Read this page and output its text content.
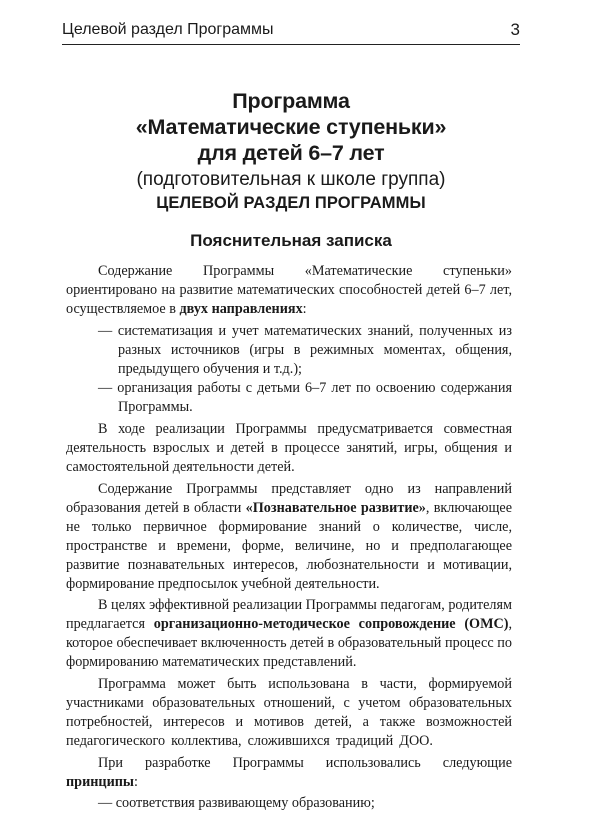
Целевой раздел Программы	3
Программа
«Математические ступеньки»
для детей 6–7 лет
(подготовительная к школе группа)
ЦЕЛЕВОЙ РАЗДЕЛ ПРОГРАММЫ
Пояснительная записка

Содержание Программы «Математические ступеньки» ориентировано на развитие математических способностей детей 6–7 лет, осуществляемое в двух направлениях:

— систематизация и учет математических знаний, полученных из разных источников (игры в режимных моментах, общения, предыдущего обучения и т.д.);

— организация работы с детьми 6–7 лет по освоению содержания Программы.

В ходе реализации Программы предусматривается совместная деятельность взрослых и детей в процессе занятий, игры, общения и самостоятельной деятельности детей.

Содержание Программы представляет одно из направлений образования детей в области «Познавательное развитие», включающее не только первичное формирование знаний о количестве, числе, пространстве и времени, форме, величине, но и предполагающее развитие познавательных интересов, любознательности и мотивации, формирование предпосылок учебной деятельности.

В целях эффективной реализации Программы педагогам, родителям предлагается организационно-методическое сопровождение (ОМС), которое обеспечивает включенность детей в образовательный процесс по формированию математических представлений.

Программа может быть использована в части, формируемой участниками образовательных отношений, с учетом образовательных потребностей, интересов и мотивов детей, а также возможностей педагогического коллектива, сложившихся традиций ДОО.

При разработке Программы использовались следующие принципы:

— соответствия развивающему образованию;
